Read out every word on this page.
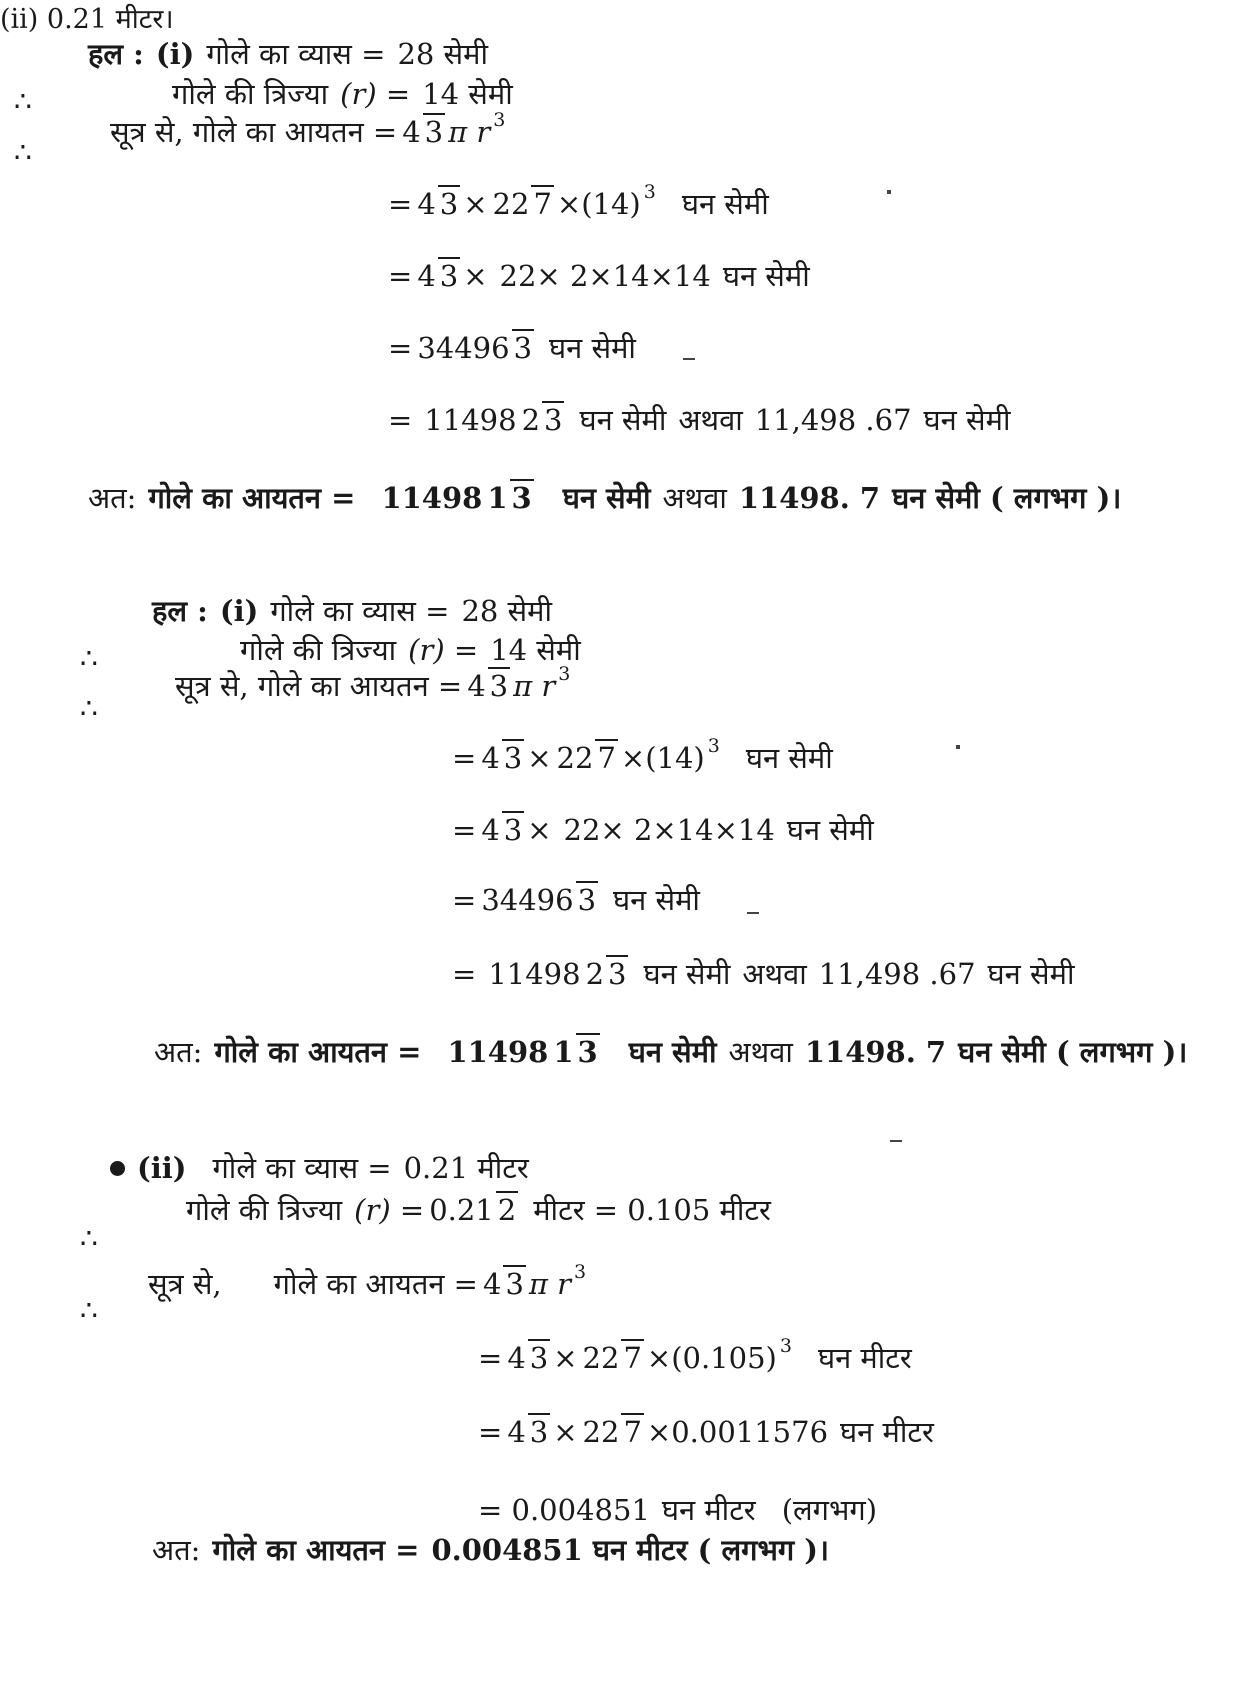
(ii) 0.21 मीटर।
हल : (i) गोले का व्यास = 28 सेमी
∴	गोले की त्रिज्या (r) = 14 सेमी
∴
सूत्र से, गोले का आयतन = 4 3 π r 3
= 4 3 × 22 7 × (14) 3 घन सेमी
= 4 3 × 22× 2×14×14 घन सेमी
= 34496 3 घन सेमी
= 11498 2 3 घन सेमी अथवा 11,498 .67 घन सेमी
अत: गोले का आयतन = 11498 1 3 घन सेमी अथवा 11498. 7 घन सेमी ( लगभग )।
हल : (i) गोले का व्यास = 28 सेमी
∴	गोले की त्रिज्या (r) = 14 सेमी
∴
सूत्र से, गोले का आयतन = 4 3 π r 3
= 4 3 × 22 7 × (14) 3 घन सेमी
= 4 3 × 22× 2×14×14 घन सेमी
= 34496 3 घन सेमी
= 11498 2 3 घन सेमी अथवा 11,498 .67 घन सेमी
अत: गोले का आयतन = 11498 1 3 घन सेमी अथवा 11498. 7 घन सेमी ( लगभग )।
(ii) गोले का व्यास = 0.21 मीटर
∴
गोले की त्रिज्या (r) = 0.21 2 मीटर = 0.105 मीटर
∴
सूत्र से, गोले का आयतन = 4 3 π r 3
= 4 3 × 22 7 × (0.105) 3 घन मीटर
= 4 3 × 22 7 × 0.0011576 घन मीटर
= 0.004851 घन मीटर (लगभग)
अत: गोले का आयतन = 0.004851 घन मीटर ( लगभग )।
